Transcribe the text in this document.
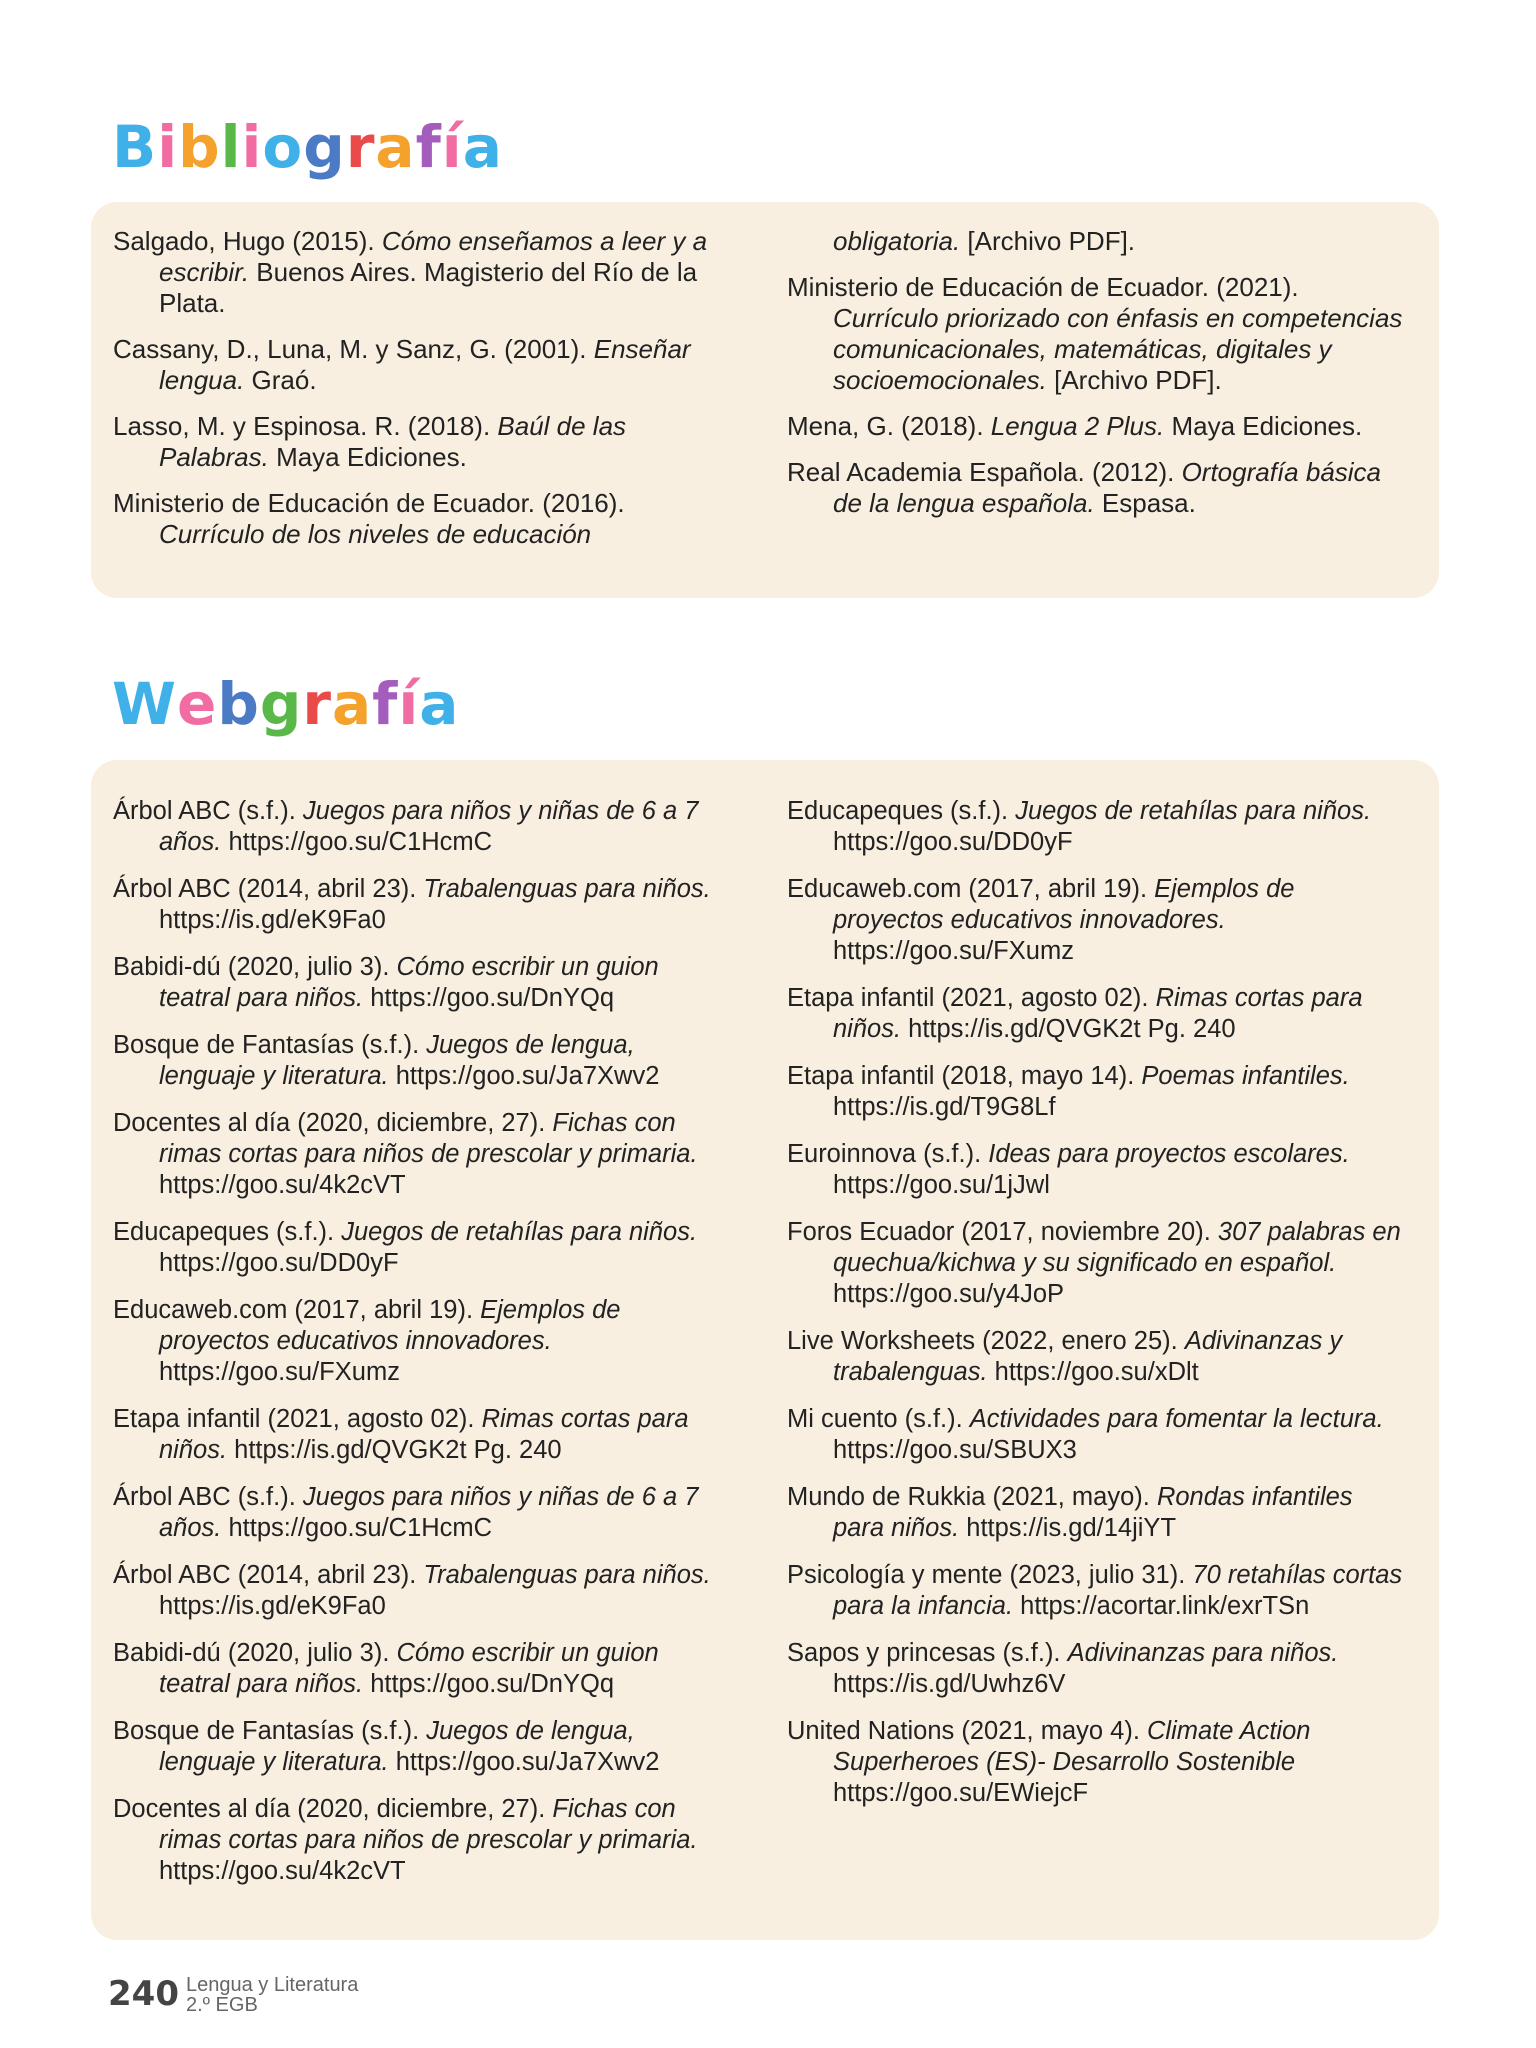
Bibliografía

Salgado, Hugo (2015). Cómo enseñamos a leer y a escribir. Buenos Aires. Magisterio del Río de la Plata.

Cassany, D., Luna, M. y Sanz, G. (2001). Enseñar lengua. Graó.

Lasso, M. y Espinosa. R. (2018). Baúl de las Palabras. Maya Ediciones.

Ministerio de Educación de Ecuador. (2016). Currículo de los niveles de educación

obligatoria. [Archivo PDF].

Ministerio de Educación de Ecuador. (2021). Currículo priorizado con énfasis en competencias comunicacionales, matemáticas, digitales y socioemocionales. [Archivo PDF].

Mena, G. (2018). Lengua 2 Plus. Maya Ediciones.

Real Academia Española. (2012). Ortografía básica de la lengua española. Espasa.

Webgrafía

Árbol ABC (s.f.). Juegos para niños y niñas de 6 a 7 años. https://goo.su/C1HcmC

Árbol ABC (2014, abril 23). Trabalenguas para niños. https://is.gd/eK9Fa0

Babidi-dú (2020, julio 3). Cómo escribir un guion teatral para niños. https://goo.su/DnYQq

Bosque de Fantasías (s.f.). Juegos de lengua, lenguaje y literatura. https://goo.su/Ja7Xwv2

Docentes al día (2020, diciembre, 27). Fichas con rimas cortas para niños de prescolar y primaria. https://goo.su/4k2cVT

Educapeques (s.f.). Juegos de retahílas para niños. https://goo.su/DD0yF

Educaweb.com (2017, abril 19). Ejemplos de proyectos educativos innovadores. https://goo.su/FXumz

Etapa infantil (2021, agosto 02). Rimas cortas para niños. https://is.gd/QVGK2t Pg. 240

Árbol ABC (s.f.). Juegos para niños y niñas de 6 a 7 años. https://goo.su/C1HcmC

Árbol ABC (2014, abril 23). Trabalenguas para niños. https://is.gd/eK9Fa0

Babidi-dú (2020, julio 3). Cómo escribir un guion teatral para niños. https://goo.su/DnYQq

Bosque de Fantasías (s.f.). Juegos de lengua, lenguaje y literatura. https://goo.su/Ja7Xwv2

Docentes al día (2020, diciembre, 27). Fichas con rimas cortas para niños de prescolar y primaria. https://goo.su/4k2cVT

Educapeques (s.f.). Juegos de retahílas para niños. https://goo.su/DD0yF

Educaweb.com (2017, abril 19). Ejemplos de proyectos educativos innovadores. https://goo.su/FXumz

Etapa infantil (2021, agosto 02). Rimas cortas para niños. https://is.gd/QVGK2t Pg. 240

Etapa infantil (2018, mayo 14). Poemas infantiles. https://is.gd/T9G8Lf

Euroinnova (s.f.). Ideas para proyectos escolares. https://goo.su/1jJwl

Foros Ecuador (2017, noviembre 20). 307 palabras en quechua/kichwa y su significado en español. https://goo.su/y4JoP

Live Worksheets (2022, enero 25). Adivinanzas y trabalenguas. https://goo.su/xDlt

Mi cuento (s.f.). Actividades para fomentar la lectura. https://goo.su/SBUX3

Mundo de Rukkia (2021, mayo). Rondas infantiles para niños. https://is.gd/14jiYT

Psicología y mente (2023, julio 31). 70 retahílas cortas para la infancia. https://acortar.link/exrTSn

Sapos y princesas (s.f.). Adivinanzas para niños. https://is.gd/Uwhz6V

United Nations (2021, mayo 4). Climate Action Superheroes (ES)- Desarrollo Sostenible https://goo.su/EWiejcF

240 Lengua y Literatura
2.º EGB
